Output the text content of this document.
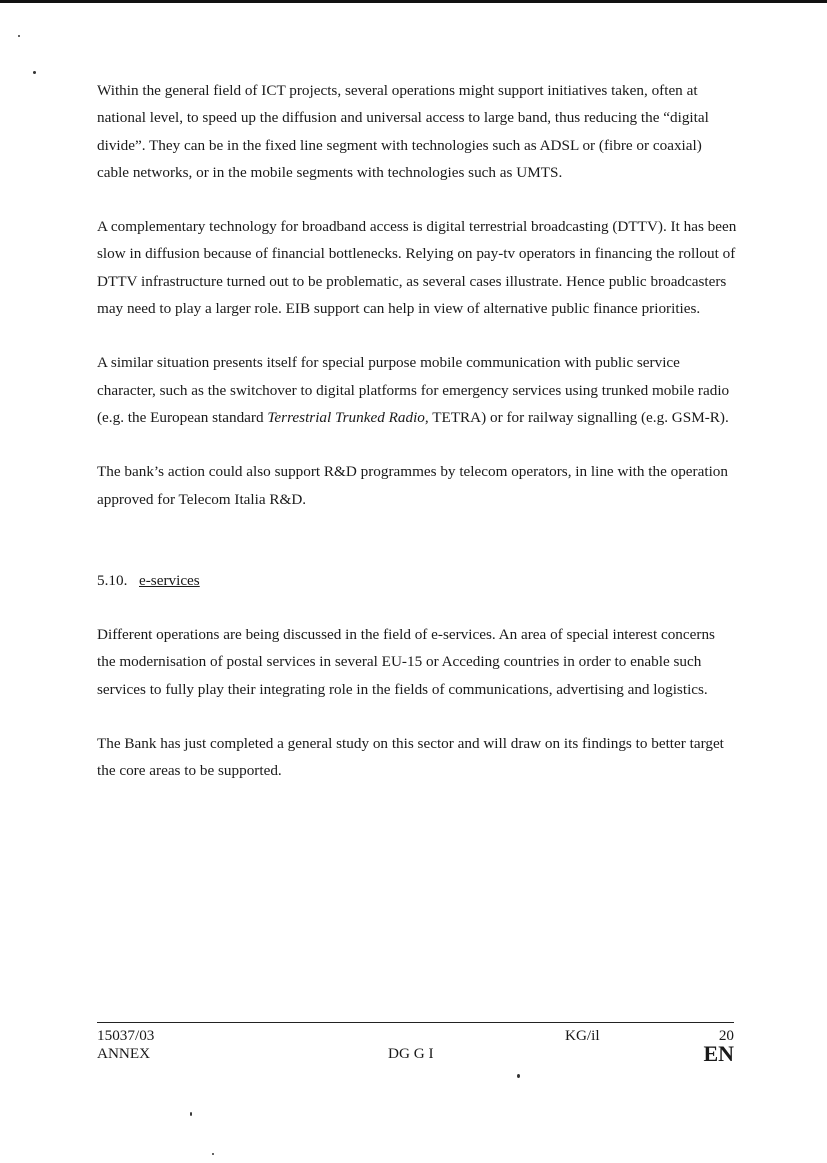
Within the general field of ICT projects, several operations might support initiatives taken, often at national level, to speed up the diffusion and universal access to large band, thus reducing the “digital divide”. They can be in the fixed line segment with technologies such as ADSL or (fibre or coaxial) cable networks, or in the mobile segments with technologies such as UMTS.

A complementary technology for broadband access is digital terrestrial broadcasting (DTTV). It has been slow in diffusion because of financial bottlenecks. Relying on pay-tv operators in financing the rollout of DTTV infrastructure turned out to be problematic, as several cases illustrate. Hence public broadcasters may need to play a larger role. EIB support can help in view of alternative public finance priorities.

A similar situation presents itself for special purpose mobile communication with public service character, such as the switchover to digital platforms for emergency services using trunked mobile radio (e.g. the European standard Terrestrial Trunked Radio, TETRA) or for railway signalling (e.g. GSM-R).

The bank’s action could also support R&D programmes by telecom operators, in line with the operation approved for Telecom Italia R&D.

5.10. e-services

Different operations are being discussed in the field of e-services. An area of special interest concerns the modernisation of postal services in several EU-15 or Acceding countries in order to enable such services to fully play their integrating role in the fields of communications, advertising and logistics.

The Bank has just completed a general study on this sector and will draw on its findings to better target the core areas to be supported.

15037/03
ANNEX	DG G I
KG/il	20
EN
